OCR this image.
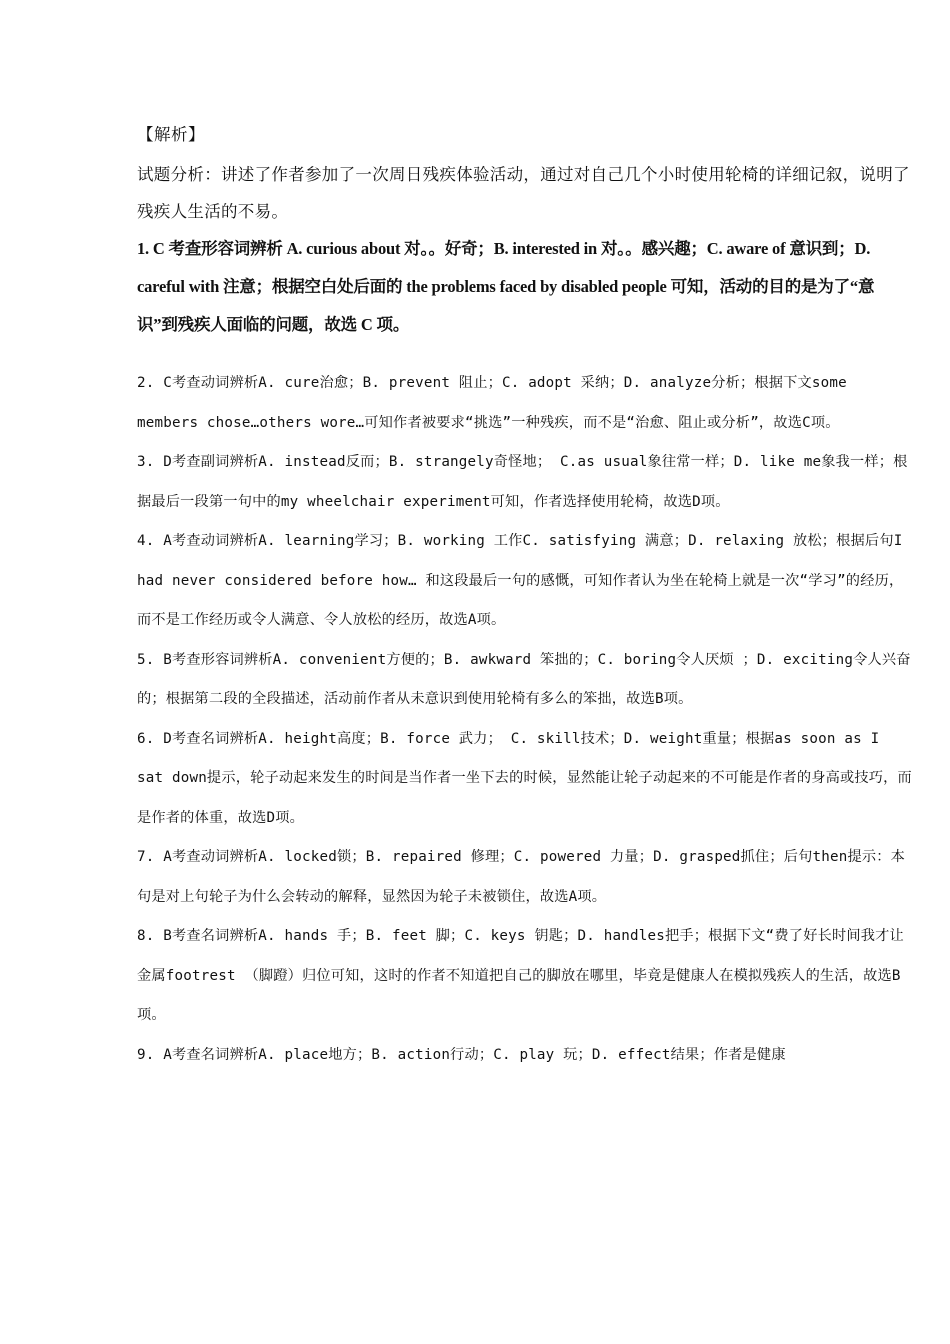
【解析】

试题分析：讲述了作者参加了一次周日残疾体验活动，通过对自己几个小时使用轮椅的详细记叙，说明了残疾人生活的不易。

1. C 考查形容词辨析 A. curious about 对。。好奇；B. interested in 对。。感兴趣；C. aware of 意识到；D. careful with 注意；根据空白处后面的 the problems faced by disabled people 可知，活动的目的是为了“意识”到残疾人面临的问题，故选 C 项。

2. C考查动词辨析A. cure治愈；B. prevent 阻止；C. adopt 采纳；D. analyze分析；根据下文some members chose…others wore…可知作者被要求“挑选”一种残疾，而不是“治愈、阻止或分析”，故选C项。

3. D考查副词辨析A. instead反而；B. strangely奇怪地； C.as usual象往常一样；D. like me象我一样；根据最后一段第一句中的my wheelchair experiment可知，作者选择使用轮椅，故选D项。

4. A考查动词辨析A. learning学习；B. working 工作C. satisfying 满意；D. relaxing 放松；根据后句I had never considered before how… 和这段最后一句的感慨，可知作者认为坐在轮椅上就是一次“学习”的经历，而不是工作经历或令人满意、令人放松的经历，故选A项。

5. B考查形容词辨析A. convenient方便的；B. awkward 笨拙的；C. boring令人厌烦 ；D. exciting令人兴奋的；根据第二段的全段描述，活动前作者从未意识到使用轮椅有多么的笨拙，故选B项。

6. D考查名词辨析A. height高度；B. force 武力； C. skill技术；D. weight重量；根据as soon as I sat down提示，轮子动起来发生的时间是当作者一坐下去的时候，显然能让轮子动起来的不可能是作者的身高或技巧，而是作者的体重，故选D项。

7. A考查动词辨析A. locked锁；B. repaired 修理；C. powered 力量；D. grasped抓住；后句then提示：本句是对上句轮子为什么会转动的解释，显然因为轮子未被锁住，故选A项。

8. B考查名词辨析A. hands 手；B. feet 脚；C. keys 钥匙；D. handles把手；根据下文“费了好长时间我才让金属footrest （脚蹬）归位可知，这时的作者不知道把自己的脚放在哪里，毕竟是健康人在模拟残疾人的生活，故选B项。

9. A考查名词辨析A. place地方；B. action行动；C. play 玩；D. effect结果；作者是健康
